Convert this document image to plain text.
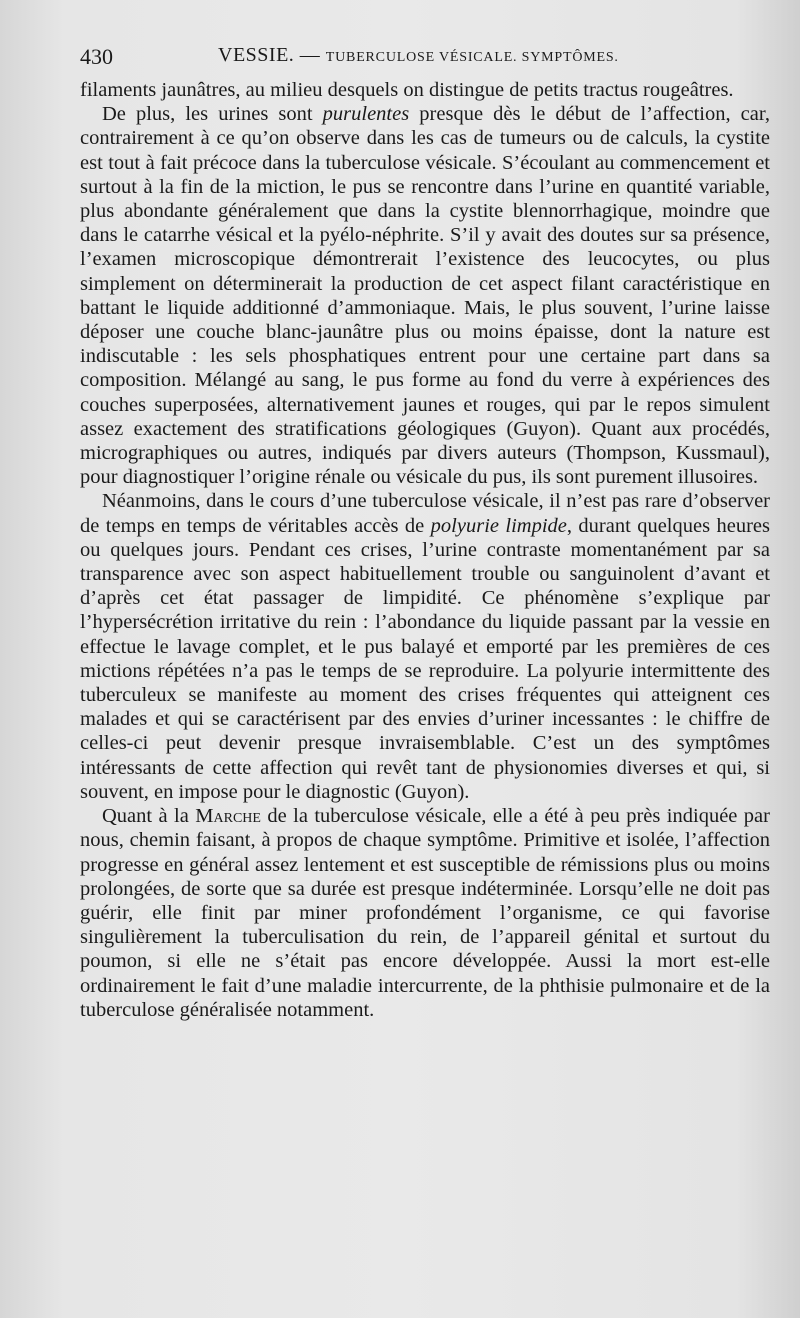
430	VESSIE. — TUBERCULOSE VÉSICALE. SYMPTÔMES.

filaments jaunâtres, au milieu desquels on distingue de petits tractus rougeâtres.

De plus, les urines sont purulentes presque dès le début de l’affection, car, contrairement à ce qu’on observe dans les cas de tumeurs ou de calculs, la cystite est tout à fait précoce dans la tuberculose vésicale. S’écoulant au commencement et surtout à la fin de la miction, le pus se rencontre dans l’urine en quantité variable, plus abondante généralement que dans la cystite blennorrhagique, moindre que dans le catarrhe vésical et la pyélo-néphrite. S’il y avait des doutes sur sa présence, l’examen microscopique démontrerait l’existence des leucocytes, ou plus simplement on déterminerait la production de cet aspect filant caractéristique en battant le liquide additionné d’ammoniaque. Mais, le plus souvent, l’urine laisse déposer une couche blanc-jaunâtre plus ou moins épaisse, dont la nature est indiscutable : les sels phosphatiques entrent pour une certaine part dans sa composition. Mélangé au sang, le pus forme au fond du verre à expériences des couches superposées, alternativement jaunes et rouges, qui par le repos simulent assez exactement des stratifications géologiques (Guyon). Quant aux procédés, micrographiques ou autres, indiqués par divers auteurs (Thompson, Kussmaul), pour diagnostiquer l’origine rénale ou vésicale du pus, ils sont purement illusoires.

Néanmoins, dans le cours d’une tuberculose vésicale, il n’est pas rare d’observer de temps en temps de véritables accès de polyurie limpide, durant quelques heures ou quelques jours. Pendant ces crises, l’urine contraste momentanément par sa transparence avec son aspect habituellement trouble ou sanguinolent d’avant et d’après cet état passager de limpidité. Ce phénomène s’explique par l’hypersécrétion irritative du rein : l’abondance du liquide passant par la vessie en effectue le lavage complet, et le pus balayé et emporté par les premières de ces mictions répétées n’a pas le temps de se reproduire. La polyurie intermittente des tuberculeux se manifeste au moment des crises fréquentes qui atteignent ces malades et qui se caractérisent par des envies d’uriner incessantes : le chiffre de celles-ci peut devenir presque invraisemblable. C’est un des symptômes intéressants de cette affection qui revêt tant de physionomies diverses et qui, si souvent, en impose pour le diagnostic (Guyon).

Quant à la Marche de la tuberculose vésicale, elle a été à peu près indiquée par nous, chemin faisant, à propos de chaque symptôme. Primitive et isolée, l’affection progresse en général assez lentement et est susceptible de rémissions plus ou moins prolongées, de sorte que sa durée est presque indéterminée. Lorsqu’elle ne doit pas guérir, elle finit par miner profondément l’organisme, ce qui favorise singulièrement la tuberculisation du rein, de l’appareil génital et surtout du poumon, si elle ne s’était pas encore développée. Aussi la mort est-elle ordinairement le fait d’une maladie intercurrente, de la phthisie pulmonaire et de la tuberculose généralisée notamment.
